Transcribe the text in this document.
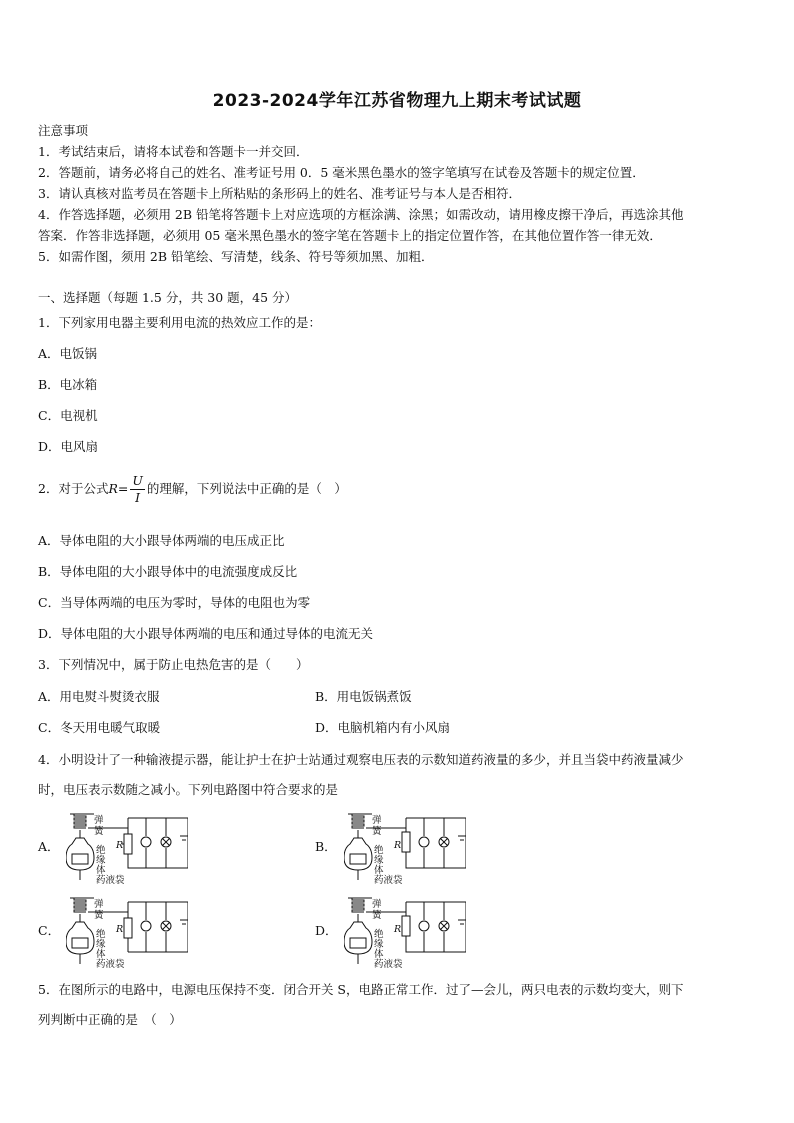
2023-2024学年江苏省物理九上期末考试试题
注意事项
1．考试结束后，请将本试卷和答题卡一并交回．
2．答题前，请务必将自己的姓名、准考证号用 0．5 毫米黑色墨水的签字笔填写在试卷及答题卡的规定位置．
3．请认真核对监考员在答题卡上所粘贴的条形码上的姓名、准考证号与本人是否相符．
4．作答选择题，必须用 2B 铅笔将答题卡上对应选项的方框涂满、涂黑；如需改动，请用橡皮擦干净后，再选涂其他
答案．作答非选择题，必须用 05 毫米黑色墨水的签字笔在答题卡上的指定位置作答，在其他位置作答一律无效．
5．如需作图，须用 2B 铅笔绘、写清楚，线条、符号等须加黑、加粗．
一、选择题（每题 1.5 分，共 30 题，45 分）
1．下列家用电器主要利用电流的热效应工作的是：
A．电饭锅
B．电冰箱
C．电视机
D．电风扇
2．对于公式$R= \frac{U}{I}$ 的理解，下列说法中正确的是（　）
A．导体电阻的大小跟导体两端的电压成正比
B．导体电阻的大小跟导体中的电流强度成反比
C．当导体两端的电压为零时，导体的电阻也为零
D．导体电阻的大小跟导体两端的电压和通过导体的电流无关
3．下列情况中，属于防止电热危害的是（　　）
A．用电熨斗熨烫衣服	B．用电饭锅煮饭
C．冬天用电暖气取暖	D．电脑机箱内有小风扇
4．小明设计了一种输液提示器，能让护士在护士站通过观察电压表的示数知道药液量的多少，并且当袋中药液量减少
时，电压表示数随之减小。下列电路图中符合要求的是
A．	B．
C．	D．
弹
簧
绝
缘
体
药液袋
R
弹
簧
绝
缘
体
药液袋
R
弹
簧
绝
缘
体
药液袋
R
弹
簧
绝
缘
体
药液袋
R
5．在图所示的电路中，电源电压保持不变．闭合开关 S，电路正常工作．过了—会儿，两只电表的示数均变大，则下
列判断中正确的是　（　）
